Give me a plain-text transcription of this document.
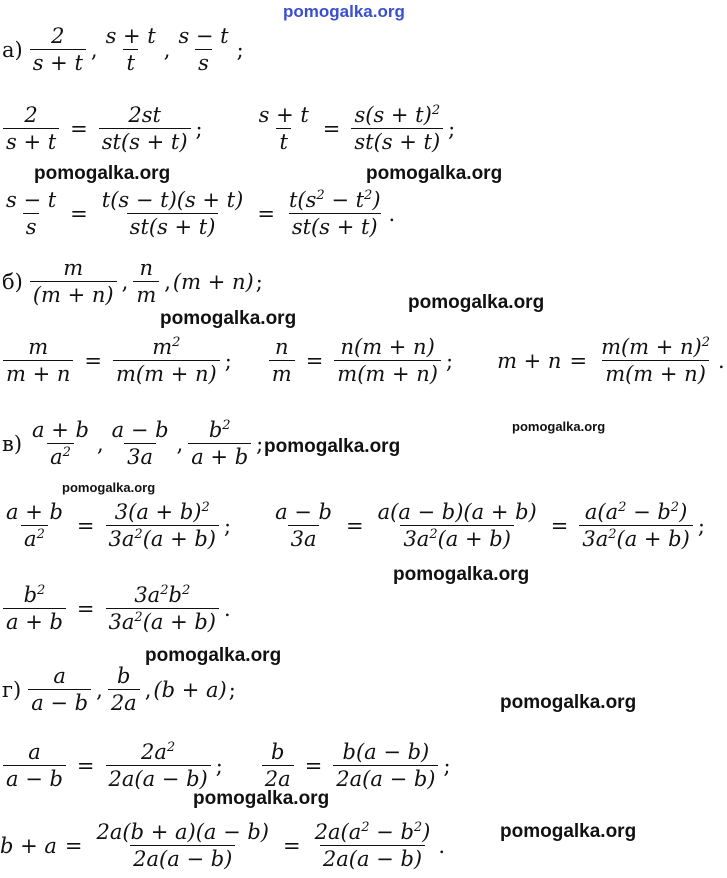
pomogalka.org
pomogalka.org	pomogalka.org
pomogalka.org
pomogalka.org
pomogalka.org
pomogalka.org
pomogalka.org
pomogalka.org
pomogalka.org
pomogalka.org
pomogalka.org
pomogalka.org
$а) \frac{2}{s + t}$ , $\frac{s + t}{t}$ , $\frac{s - t}{s}$ ;
$\frac{2}{s + t} = \frac{2st}{st(s + t)}$ ;	$\frac{s + t}{t} = \frac{s(s + t)^2}{st(s + t)}$ ;
$\frac{s - t}{s} = \frac{t(s - t)(s + t)}{st(s + t)} = \frac{t(s^2 - t^2)}{st(s + t)}$ .
$б) \frac{m}{(m + n)}$ , $\frac{n}{m}$ , (m + n) ;
$\frac{m}{m + n} = \frac{m^2}{m(m + n)}$ ; $\frac{n}{m} = \frac{n(m + n)}{m(m + n)}$ ; $m + n = \frac{m(m + n)^2}{m(m + n)}$ .
$в) \frac{a + b}{a^2}$ , $\frac{a - b}{3a}$ , $\frac{b^2}{a + b}$ ;
$\frac{a + b}{a^2} = \frac{3(a + b)^2}{3a^2(a + b)}$ ; $\frac{a - b}{3a} = \frac{a(a - b)(a + b)}{3a^2(a + b)} = \frac{a(a^2 - b^2)}{3a^2(a + b)}$ ;
$\frac{b^2}{a + b} = \frac{3a^2b^2}{3a^2(a + b)}$ .
$г) \frac{a}{a - b}$ , $\frac{b}{2a}$ , (b + a) ;
$\frac{a}{a - b} = \frac{2a^2}{2a(a - b)}$ ; $\frac{b}{2a} = \frac{b(a - b)}{2a(a - b)}$ ;
$b + a = \frac{2a(b + a)(a - b)}{2a(a - b)} = \frac{2a(a^2 - b^2)}{2a(a - b)}$ .
